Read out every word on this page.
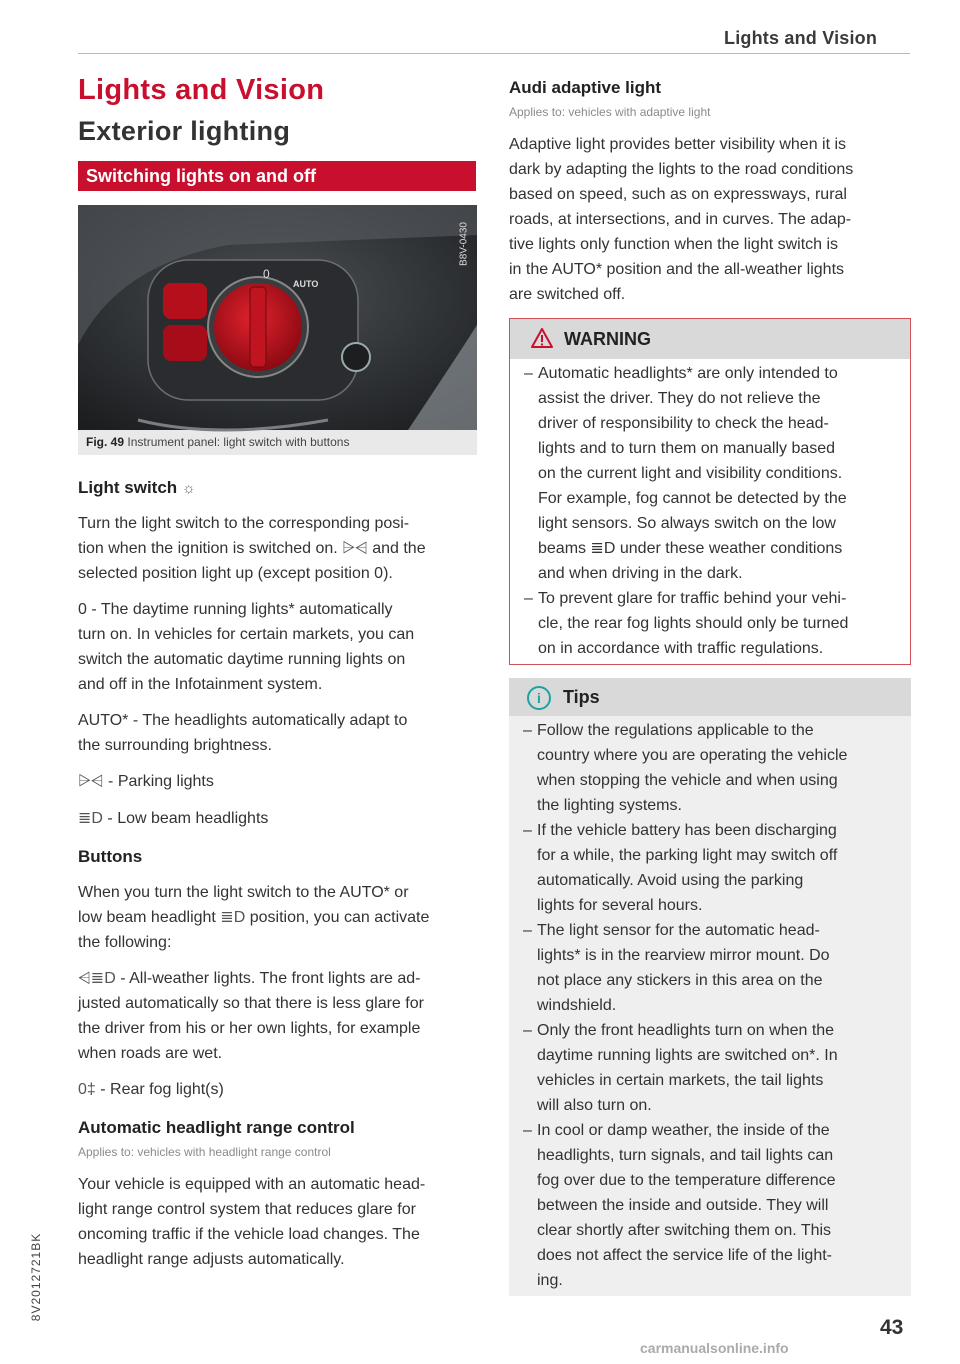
Lights and Vision
Lights and Vision
Exterior lighting
Switching lights on and off
0
AUTO
B8V-0430
Fig. 49 Instrument panel: light switch with buttons
Light switch ☼
Turn the light switch to the corresponding posi-
tion when the ignition is switched on. ⩥⩤ and the
selected position light up (except position 0).
0 - The daytime running lights* automatically
turn on. In vehicles for certain markets, you can
switch the automatic daytime running lights on
and off in the Infotainment system.
AUTO* - The headlights automatically adapt to
the surrounding brightness.
⩥⩤ - Parking lights
≣D - Low beam headlights
Buttons
When you turn the light switch to the AUTO* or
low beam headlight ≣D position, you can activate
the following:
⩤≣D - All-weather lights. The front lights are ad-
justed automatically so that there is less glare for
the driver from his or her own lights, for example
when roads are wet.
0‡ - Rear fog light(s)
Automatic headlight range control
Applies to: vehicles with headlight range control
Your vehicle is equipped with an automatic head-
light range control system that reduces glare for
oncoming traffic if the vehicle load changes. The
headlight range adjusts automatically.
Audi adaptive light
Applies to: vehicles with adaptive light
Adaptive light provides better visibility when it is
dark by adapting the lights to the road conditions
based on speed, such as on expressways, rural
roads, at intersections, and in curves. The adap-
tive lights only function when the light switch is
in the AUTO* position and the all-weather lights
are switched off.
WARNING
– Automatic headlights* are only intended to
assist the driver. They do not relieve the
driver of responsibility to check the head-
lights and to turn them on manually based
on the current light and visibility conditions.
For example, fog cannot be detected by the
light sensors. So always switch on the low
beams ≣D under these weather conditions
and when driving in the dark.
– To prevent glare for traffic behind your vehi-
cle, the rear fog lights should only be turned
on in accordance with traffic regulations.
i	Tips
– Follow the regulations applicable to the
country where you are operating the vehicle
when stopping the vehicle and when using
the lighting systems.
– If the vehicle battery has been discharging
for a while, the parking light may switch off
automatically. Avoid using the parking
lights for several hours.
– The light sensor for the automatic head-
lights* is in the rearview mirror mount. Do
not place any stickers in this area on the
windshield.
– Only the front headlights turn on when the
daytime running lights are switched on*. In
vehicles in certain markets, the tail lights
will also turn on.
– In cool or damp weather, the inside of the
headlights, turn signals, and tail lights can
fog over due to the temperature difference
between the inside and outside. They will
clear shortly after switching them on. This
does not affect the service life of the light-
ing.
8V2012721BK
43
carmanualsonline.info
